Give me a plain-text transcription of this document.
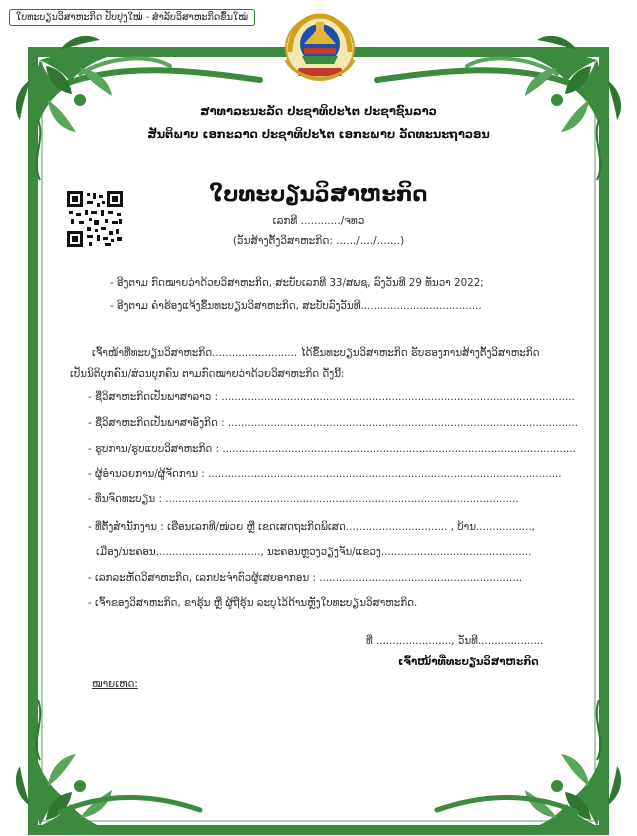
ໃບທະບຽນວິສາຫະກິດ ປັບປຸງໃໝ່ - ສຳລັບວິສາຫະກິດຂຶ້ນໃໝ່
ສາທາລະນະລັດ ປະຊາທິປະໄຕ ປະຊາຊົນລາວ
ສັນຕິພາບ ເອກະລາດ ປະຊາທິປະໄຕ ເອກະພາບ ວັດທະນະຖາວອນ
ໃບທະບຽນວິສາຫະກິດ
ເລກທີ ............/ຈທວ
(ວັນສ້າງຕັ້ງວິສາຫະກິດ: ....../..../.......)
- ອີງຕາມ ກົດໝາຍວ່າດ້ວຍວິສາຫະກິດ, ສະບັບເລກທີ 33/ສພຊ, ລົງວັນທີ 29 ທັນວາ 2022;
- ອີງຕາມ ຄຳຮ້ອງແຈ້ງຂຶ້ນທະບຽນວິສາຫະກິດ, ສະບັບລົງວັນທີ.....................................
ເຈົ້າໜ້າທີ່ທະບຽນວິສາຫະກິດ.......................... ໄດ້ຂຶ້ນທະບຽນວິສາຫະກິດ ຮັບຮອງການສ້າງຕັ້ງວິສາຫະກິດ
ເປັນນິຕິບຸກຄົນ/ສ່ວນບຸກຄົນ ຕາມກົດໝາຍວ່າດ້ວຍວິສາຫະກິດ ດັ່ງນີ້:
- ຊື່ວິສາຫະກິດເປັນພາສາລາວ : ............................................................................................................
- ຊື່ວິສາຫະກິດເປັນພາສາອັງກິດ : ...........................................................................................................
- ຮູບການ/ຮູບແບບວິສາຫະກິດ : ............................................................................................................
- ຜູ້ອຳນວຍການ/ຜູ້ຈັດການ : ............................................................................................................
- ທຶນຈົດທະບຽນ : ............................................................................................................
- ທີ່ຕັ້ງສຳນັກງານ : ເຮືອນເລກທີ/ໜ່ວຍ ຫຼື ເຂດເສດຖະກິດພິເສດ............................... , ບ້ານ.................,
ເມືອງ/ນະຄອນ................................, ນະຄອນຫຼວງວຽງຈັນ/ແຂວງ..............................................
- ເລກລະຫັດວິສາຫະກິດ, ເລກປະຈຳຕົວຜູ້ເສຍອາກອນ : ..............................................................
- ເຈົ້າຂອງວິສາຫະກິດ, ຂາຮຸ້ນ ຫຼື ຜູ້ຖືຮຸ້ນ ລະບຸໄວ້ດ້ານຫຼັງໃບທະບຽນວິສາຫະກິດ.
ທີ່ ......................., ວັນທີ....................
ເຈົ້າໜ້າທີ່ທະບຽນວິສາຫະກິດ
ໝາຍເຫດ:
